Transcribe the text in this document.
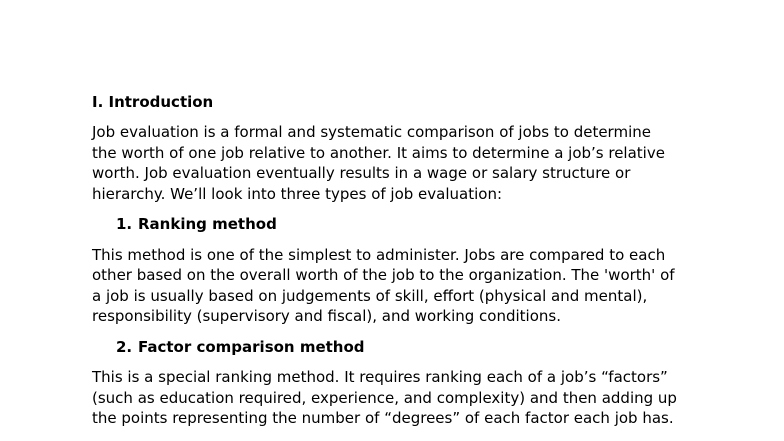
I. Introduction

Job evaluation is a formal and systematic comparison of jobs to determine
the worth of one job relative to another. It aims to determine a job’s relative
worth. Job evaluation eventually results in a wage or salary structure or
hierarchy. We’ll look into three types of job evaluation:

1. Ranking method

This method is one of the simplest to administer. Jobs are compared to each
other based on the overall worth of the job to the organization. The 'worth' of
a job is usually based on judgements of skill, effort (physical and mental),
responsibility (supervisory and fiscal), and working conditions.

2. Factor comparison method

This is a special ranking method. It requires ranking each of a job’s “factors”
(such as education required, experience, and complexity) and then adding up
the points representing the number of “degrees” of each factor each job has.
